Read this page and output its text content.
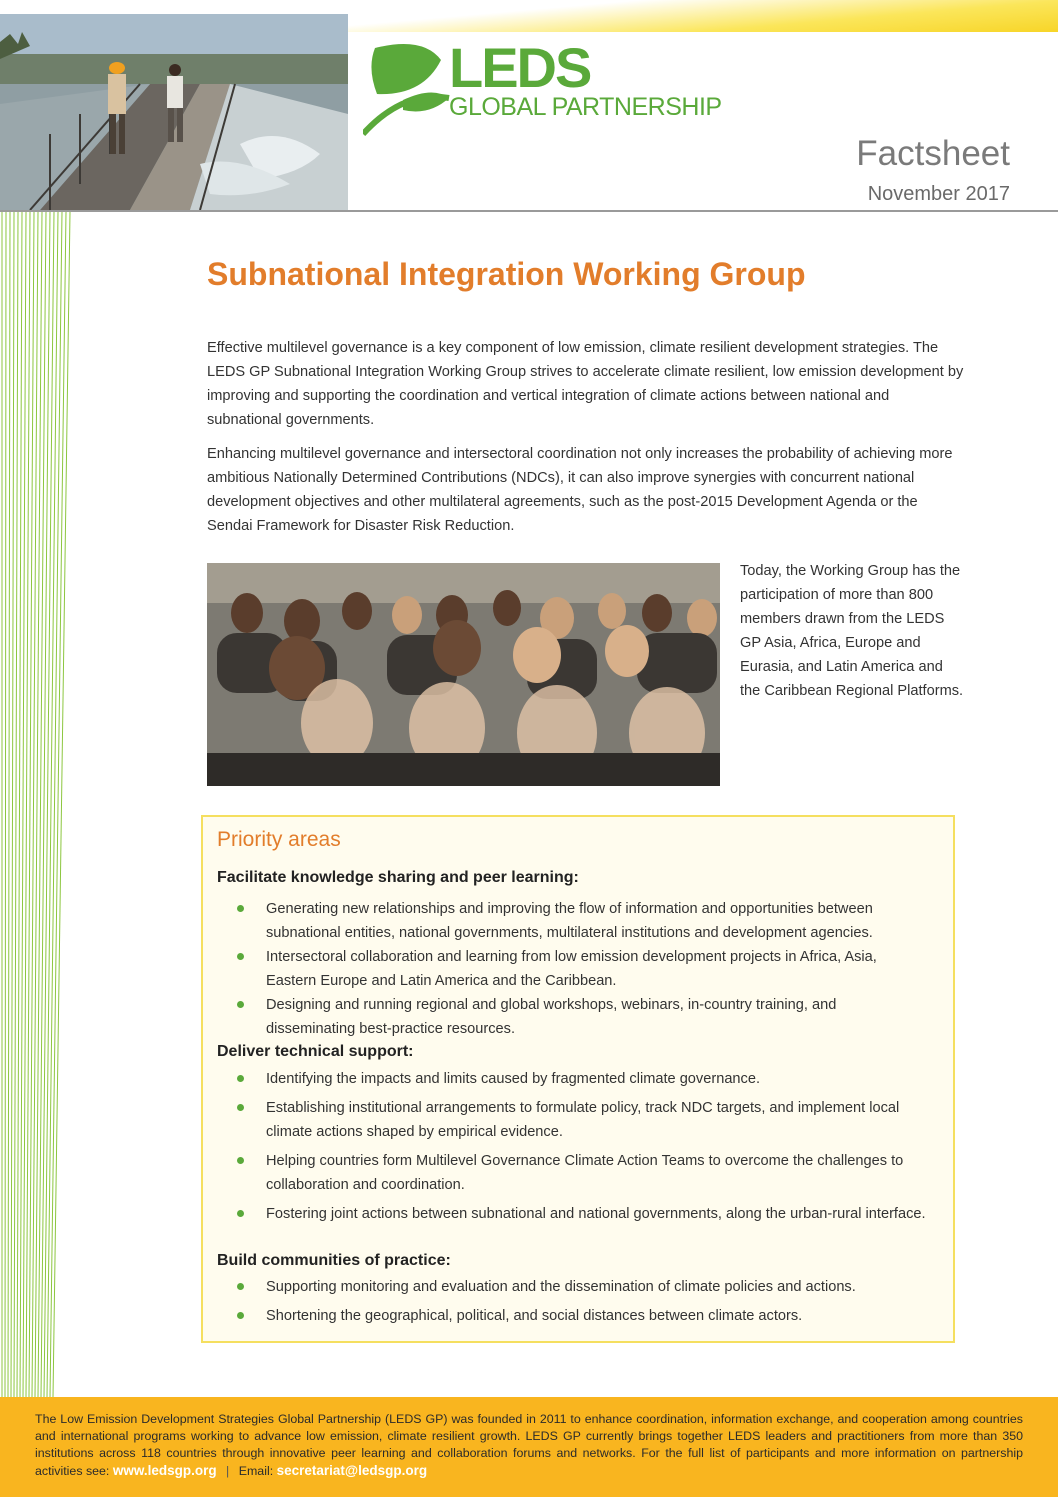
LEDS
GLOBAL PARTNERSHIP
Factsheet
November 2017
Subnational Integration Working Group

Effective multilevel governance is a key component of low emission, climate resilient development strategies. The LEDS GP Subnational Integration Working Group strives to accelerate climate resilient, low emission development by improving and supporting the coordination and vertical integration of climate actions between national and subnational governments.

Enhancing multilevel governance and intersectoral coordination not only increases the probability of achieving more ambitious Nationally Determined Contributions (NDCs), it can also improve synergies with concurrent national development objectives and other multilateral agreements, such as the post-2015 Development Agenda or the Sendai Framework for Disaster Risk Reduction.

Today, the Working Group has the participation of more than 800 members drawn from the LEDS GP Asia, Africa, Europe and Eurasia, and Latin America and the Caribbean Regional Platforms.
Priority areas
Facilitate knowledge sharing and peer learning:
Generating new relationships and improving the flow of information and opportunities between subnational entities, national governments, multilateral institutions and development agencies.
Intersectoral collaboration and learning from low emission development projects in Africa, Asia, Eastern Europe and Latin America and the Caribbean.
Designing and running regional and global workshops, webinars, in-country training, and disseminating best-practice resources.
Deliver technical support:
Identifying the impacts and limits caused by fragmented climate governance.
Establishing institutional arrangements to formulate policy, track NDC targets, and implement local climate actions shaped by empirical evidence.
Helping countries form Multilevel Governance Climate Action Teams to overcome the challenges to collaboration and coordination.
Fostering joint actions between subnational and national governments, along the urban-rural interface.
Build communities of practice:
Supporting monitoring and evaluation and the dissemination of climate policies and actions.
Shortening the geographical, political, and social distances between climate actors.

The Low Emission Development Strategies Global Partnership (LEDS GP) was founded in 2011 to enhance coordination, information exchange, and cooperation among countries and international programs working to advance low emission, climate resilient growth. LEDS GP currently brings together LEDS leaders and practitioners from more than 350 institutions across 118 countries through innovative peer learning and collaboration forums and networks. For the full list of participants and more information on partnership activities see: www.ledsgp.org | Email: secretariat@ledsgp.org
